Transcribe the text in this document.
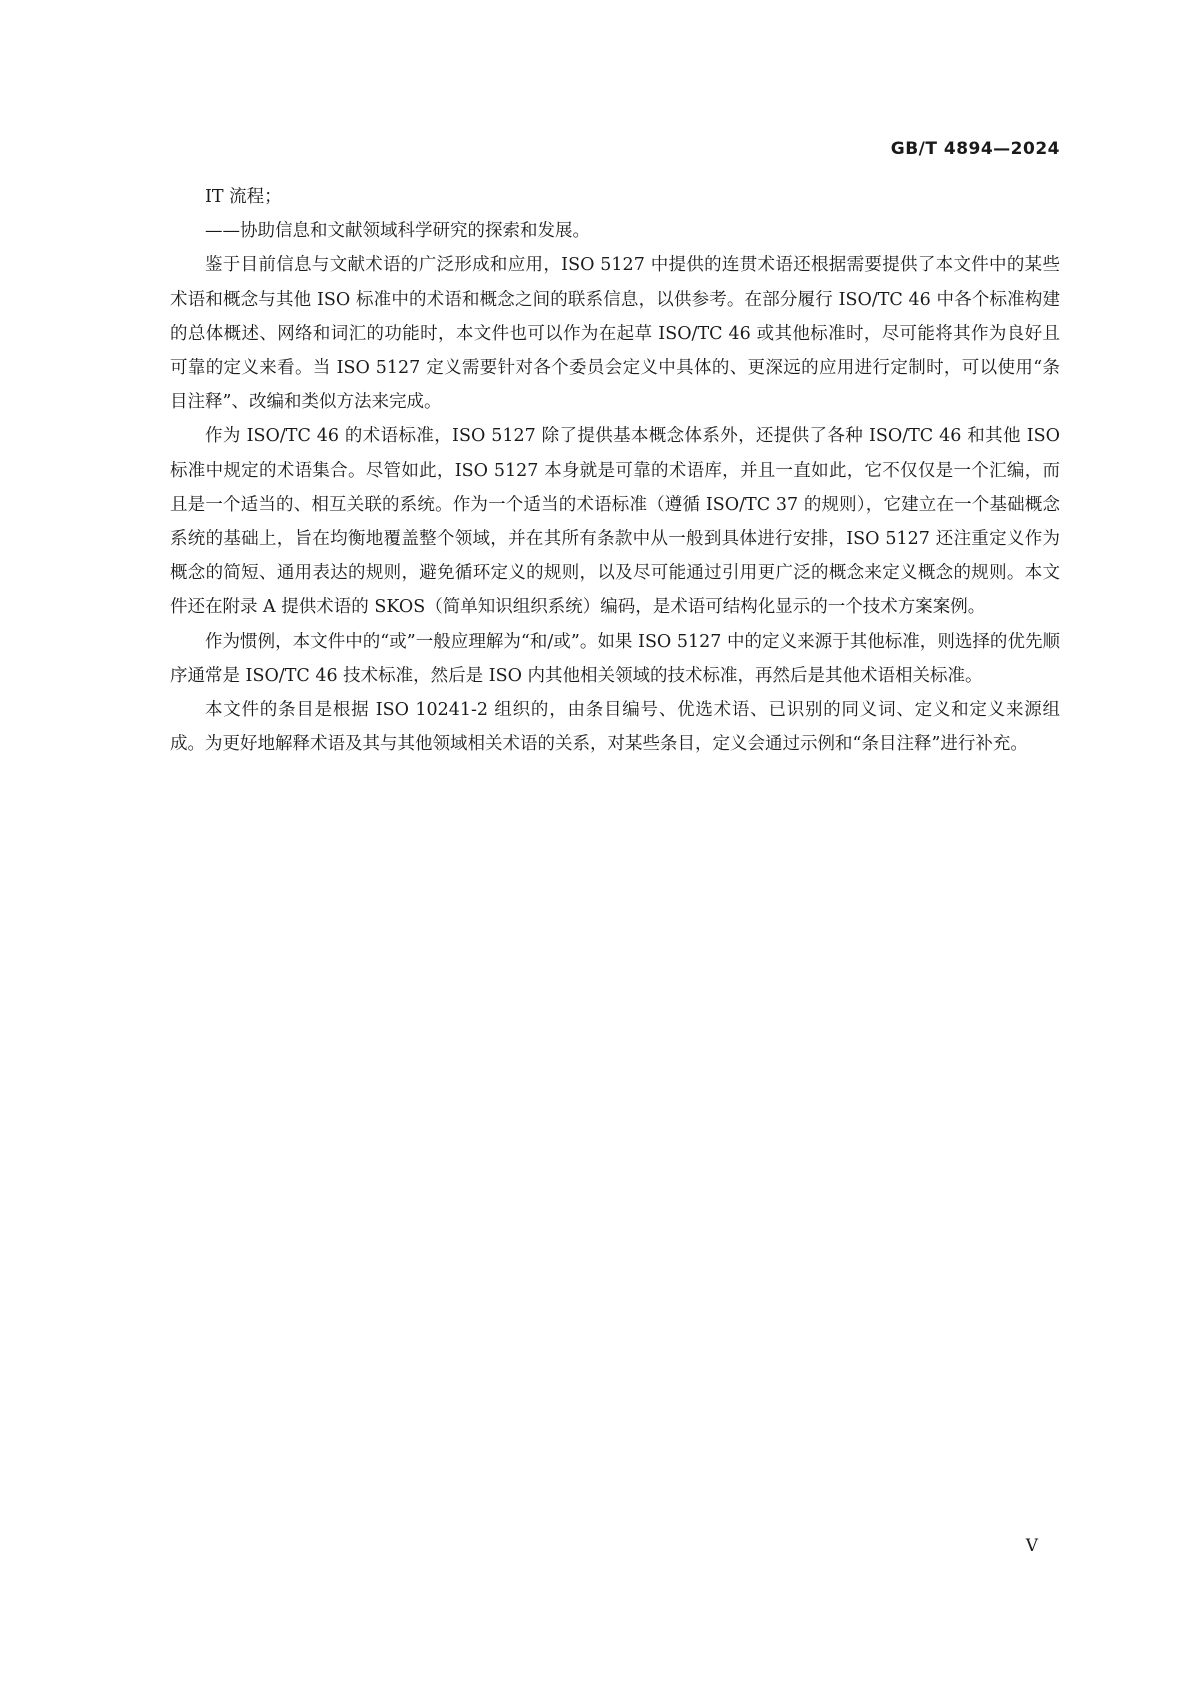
GB/T 4894—2024

IT 流程；

——协助信息和文献领域科学研究的探索和发展。

鉴于目前信息与文献术语的广泛形成和应用，ISO 5127 中提供的连贯术语还根据需要提供了本文件中的某些术语和概念与其他 ISO 标准中的术语和概念之间的联系信息，以供参考。在部分履行 ISO/TC 46 中各个标准构建的总体概述、网络和词汇的功能时，本文件也可以作为在起草 ISO/TC 46 或其他标准时，尽可能将其作为良好且可靠的定义来看。当 ISO 5127 定义需要针对各个委员会定义中具体的、更深远的应用进行定制时，可以使用“条目注释”、改编和类似方法来完成。

作为 ISO/TC 46 的术语标准，ISO 5127 除了提供基本概念体系外，还提供了各种 ISO/TC 46 和其他 ISO 标准中规定的术语集合。尽管如此，ISO 5127 本身就是可靠的术语库，并且一直如此，它不仅仅是一个汇编，而且是一个适当的、相互关联的系统。作为一个适当的术语标准（遵循 ISO/TC 37 的规则），它建立在一个基础概念系统的基础上，旨在均衡地覆盖整个领域，并在其所有条款中从一般到具体进行安排，ISO 5127 还注重定义作为概念的简短、通用表达的规则，避免循环定义的规则，以及尽可能通过引用更广泛的概念来定义概念的规则。本文件还在附录 A 提供术语的 SKOS（简单知识组织系统）编码，是术语可结构化显示的一个技术方案案例。

作为惯例，本文件中的“或”一般应理解为“和/或”。如果 ISO 5127 中的定义来源于其他标准，则选择的优先顺序通常是 ISO/TC 46 技术标准，然后是 ISO 内其他相关领域的技术标准，再然后是其他术语相关标准。

本文件的条目是根据 ISO 10241-2 组织的，由条目编号、优选术语、已识别的同义词、定义和定义来源组成。为更好地解释术语及其与其他领域相关术语的关系，对某些条目，定义会通过示例和“条目注释”进行补充。

V
